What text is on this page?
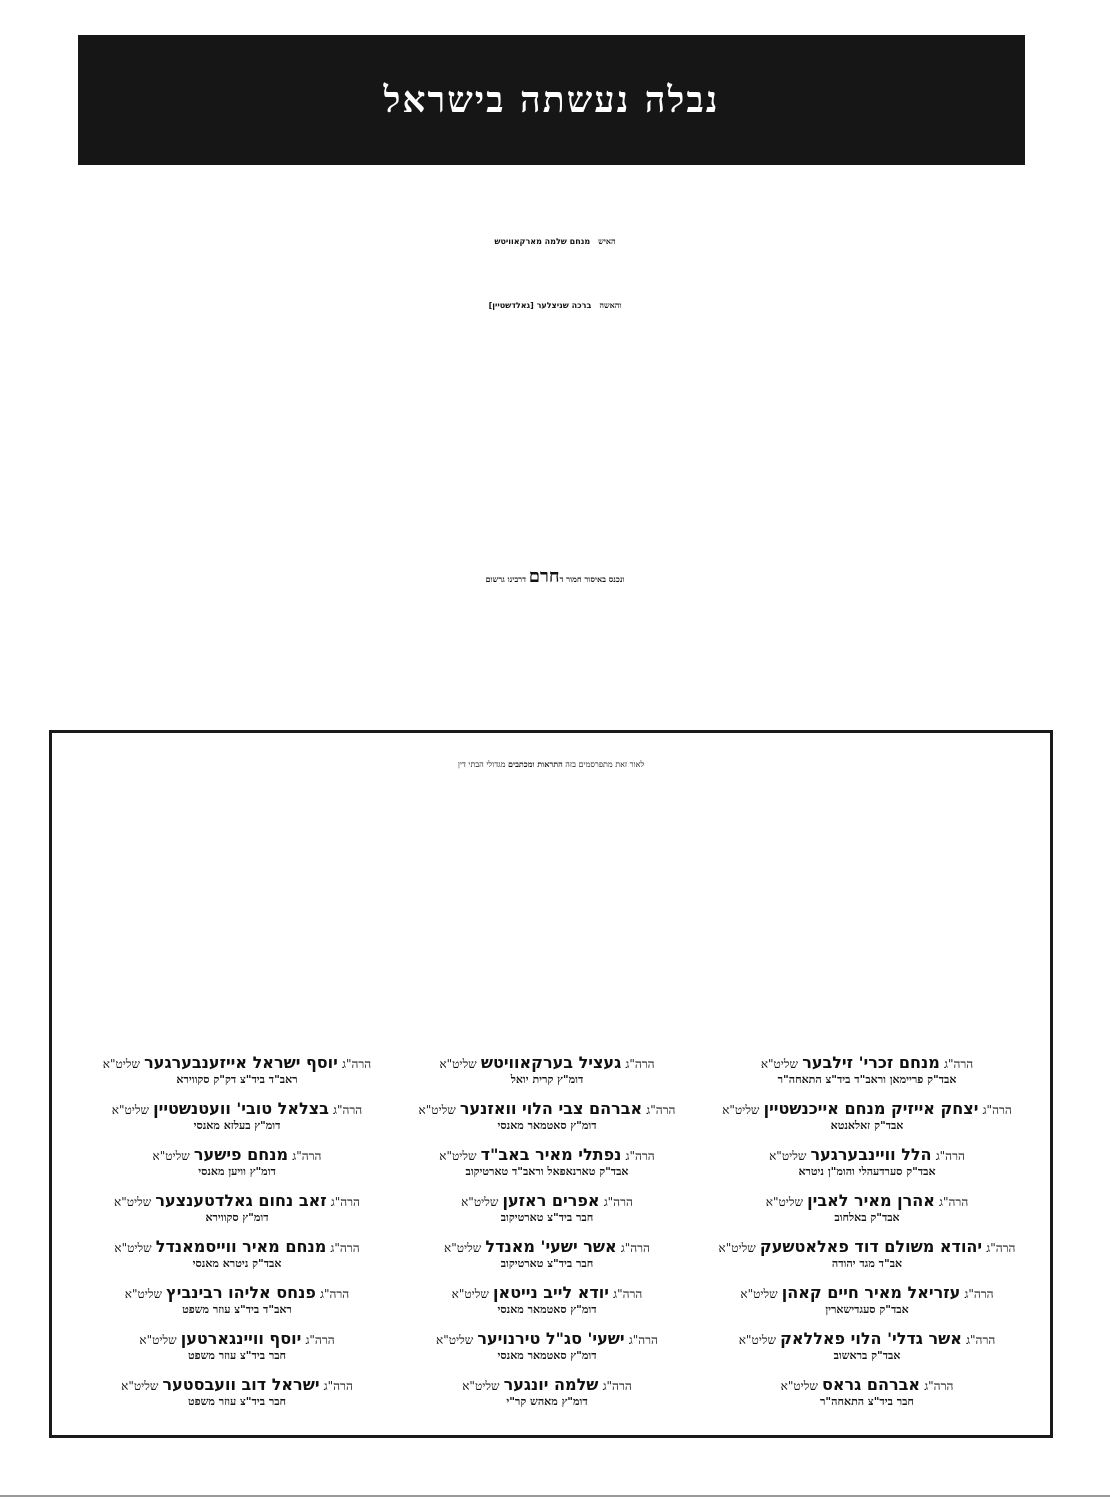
נבלה נעשתה בישראל
האישמנחם שלמה מארקאוויטש
והאשהברכה שניצלער [גאלדשטיין]
ונכנס באיסור חמור דחרם דרבינו גרשום
לאור זאת מתפרסמים בזה התראות ומכתבים מגדולי הבתי דין
הרה"ג מנחם זכרי' זילבער שליט"א
אבד"ק פריימאן וראב"ד ביד"צ התאחה"ר
הרה"ג יצחק אייזיק מנחם אייכנשטיין שליט"א
אבד"ק זאלאנטא
הרה"ג הלל וויינבערגער שליט"א
אבד"ק סערדעהלי והומ"ן ניטרא
הרה"ג אהרן מאיר לאבין שליט"א
אבד"ק באלחוב
הרה"ג יהודא משולם דוד פאלאטשעק שליט"א
אב"ד מגד יהודה
הרה"ג עזריאל מאיר חיים קאהן שליט"א
אבד"ק סעגדישארין
הרה"ג אשר גדלי' הלוי פאללאק שליט"א
אבד"ק בראשוב
הרה"ג אברהם גראס שליט"א
חבר ביד"צ התאחה"ר
הרה"ג געציל בערקאוויטש שליט"א
דומ"ץ קרית יואל
הרה"ג אברהם צבי הלוי וואזנער שליט"א
דומ"ץ סאטמאר מאנסי
הרה"ג נפתלי מאיר באב"ד שליט"א
אבד"ק טארנאפאל וראב"ד טארטיקוב
הרה"ג אפרים ראזען שליט"א
חבר ביד"צ טארטיקוב
הרה"ג אשר ישעי' מאנדל שליט"א
חבר ביד"צ טארטיקוב
הרה"ג יודא לייב נייטאן שליט"א
דומ"ץ סאטמאר מאנסי
הרה"ג ישעי' סג"ל טירנויער שליט"א
דומ"ץ סאטמאר מאנסי
הרה"ג שלמה יונגער שליט"א
דומ"ץ מאהש קר"י
הרה"ג יוסף ישראל אייזענבערגער שליט"א
ראב"ד ביד"צ דק"ק סקווירא
הרה"ג בצלאל טובי' וועטנשטיין שליט"א
דומ"ץ בעלזא מאנסי
הרה"ג מנחם פישער שליט"א
דומ"ץ וויען מאנסי
הרה"ג זאב נחום גאלדטענצער שליט"א
דומ"ץ סקווירא
הרה"ג מנחם מאיר ווייסמאנדל שליט"א
אבד"ק ניטרא מאנסי
הרה"ג פנחס אליהו רבינביץ שליט"א
ראב"ד ביד"צ עוזר משפט
הרה"ג יוסף וויינגארטען שליט"א
חבר ביד"צ עוזר משפט
הרה"ג ישראל דוב וועבסטער שליט"א
חבר ביד"צ עוזר משפט
